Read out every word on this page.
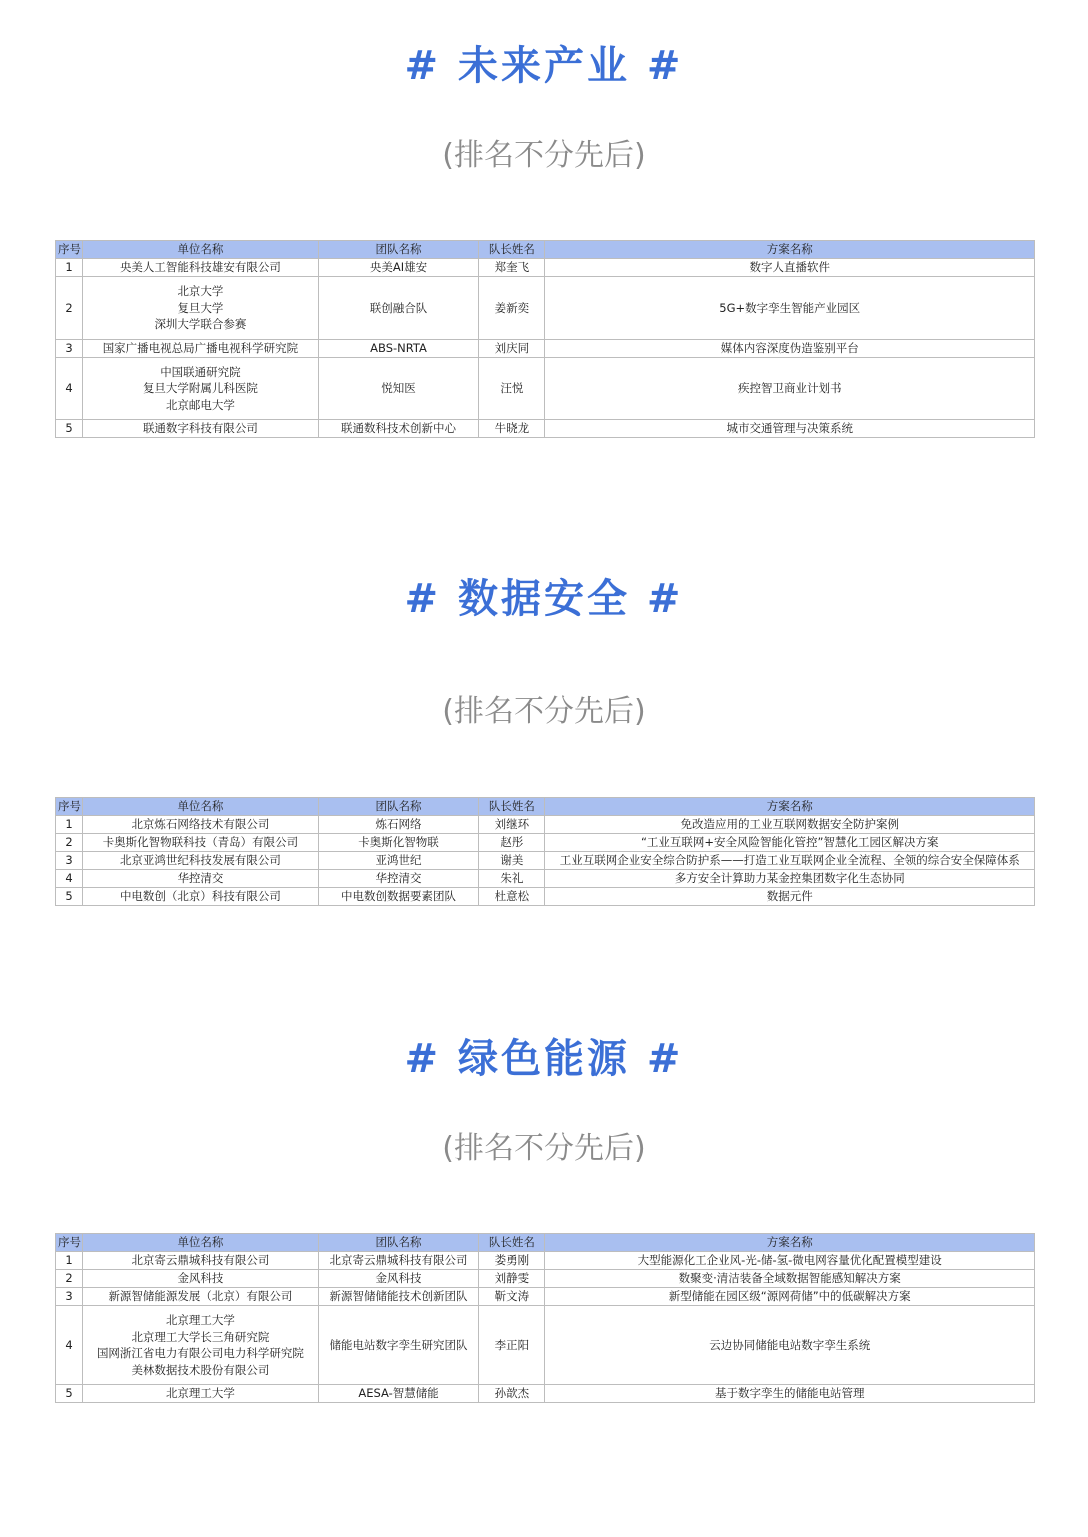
# 未来产业 #
(排名不分先后)
序号	单位名称	团队名称	队长姓名	方案名称
1	央美人工智能科技雄安有限公司	央美AI雄安	郑奎飞	数字人直播软件
2	北京大学
复旦大学
深圳大学联合参赛	联创融合队	姜新奕	5G+数字孪生智能产业园区
3	国家广播电视总局广播电视科学研究院	ABS-NRTA	刘庆同	媒体内容深度伪造鉴别平台
4	中国联通研究院
复旦大学附属儿科医院
北京邮电大学	悦知医	汪悦	疾控智卫商业计划书
5	联通数字科技有限公司	联通数科技术创新中心	牛晓龙	城市交通管理与决策系统
# 数据安全 #
(排名不分先后)
序号	单位名称	团队名称	队长姓名	方案名称
1	北京炼石网络技术有限公司	炼石网络	刘继环	免改造应用的工业互联网数据安全防护案例
2	卡奥斯化智物联科技（青岛）有限公司	卡奥斯化智物联	赵彤	“工业互联网+安全风险智能化管控”智慧化工园区解决方案
3	北京亚鸿世纪科技发展有限公司	亚鸿世纪	谢美	工业互联网企业安全综合防护系——打造工业互联网企业全流程、全领的综合安全保障体系
4	华控清交	华控清交	朱礼	多方安全计算助力某金控集团数字化生态协同
5	中电数创（北京）科技有限公司	中电数创数据要素团队	杜意松	数据元件
# 绿色能源 #
(排名不分先后)
序号	单位名称	团队名称	队长姓名	方案名称
1	北京寄云鼎城科技有限公司	北京寄云鼎城科技有限公司	娄勇刚	大型能源化工企业风-光-储-氢-微电网容量优化配置模型建设
2	金风科技	金风科技	刘静雯	数聚变·清洁装备全域数据智能感知解决方案
3	新源智储能源发展（北京）有限公司	新源智储储能技术创新团队	靳文涛	新型储能在园区级“源网荷储”中的低碳解决方案
4	北京理工大学
北京理工大学长三角研究院
国网浙江省电力有限公司电力科学研究院
美林数据技术股份有限公司	储能电站数字孪生研究团队	李正阳	云边协同储能电站数字孪生系统
5	北京理工大学	AESA-智慧储能	孙歆杰	基于数字孪生的储能电站管理
